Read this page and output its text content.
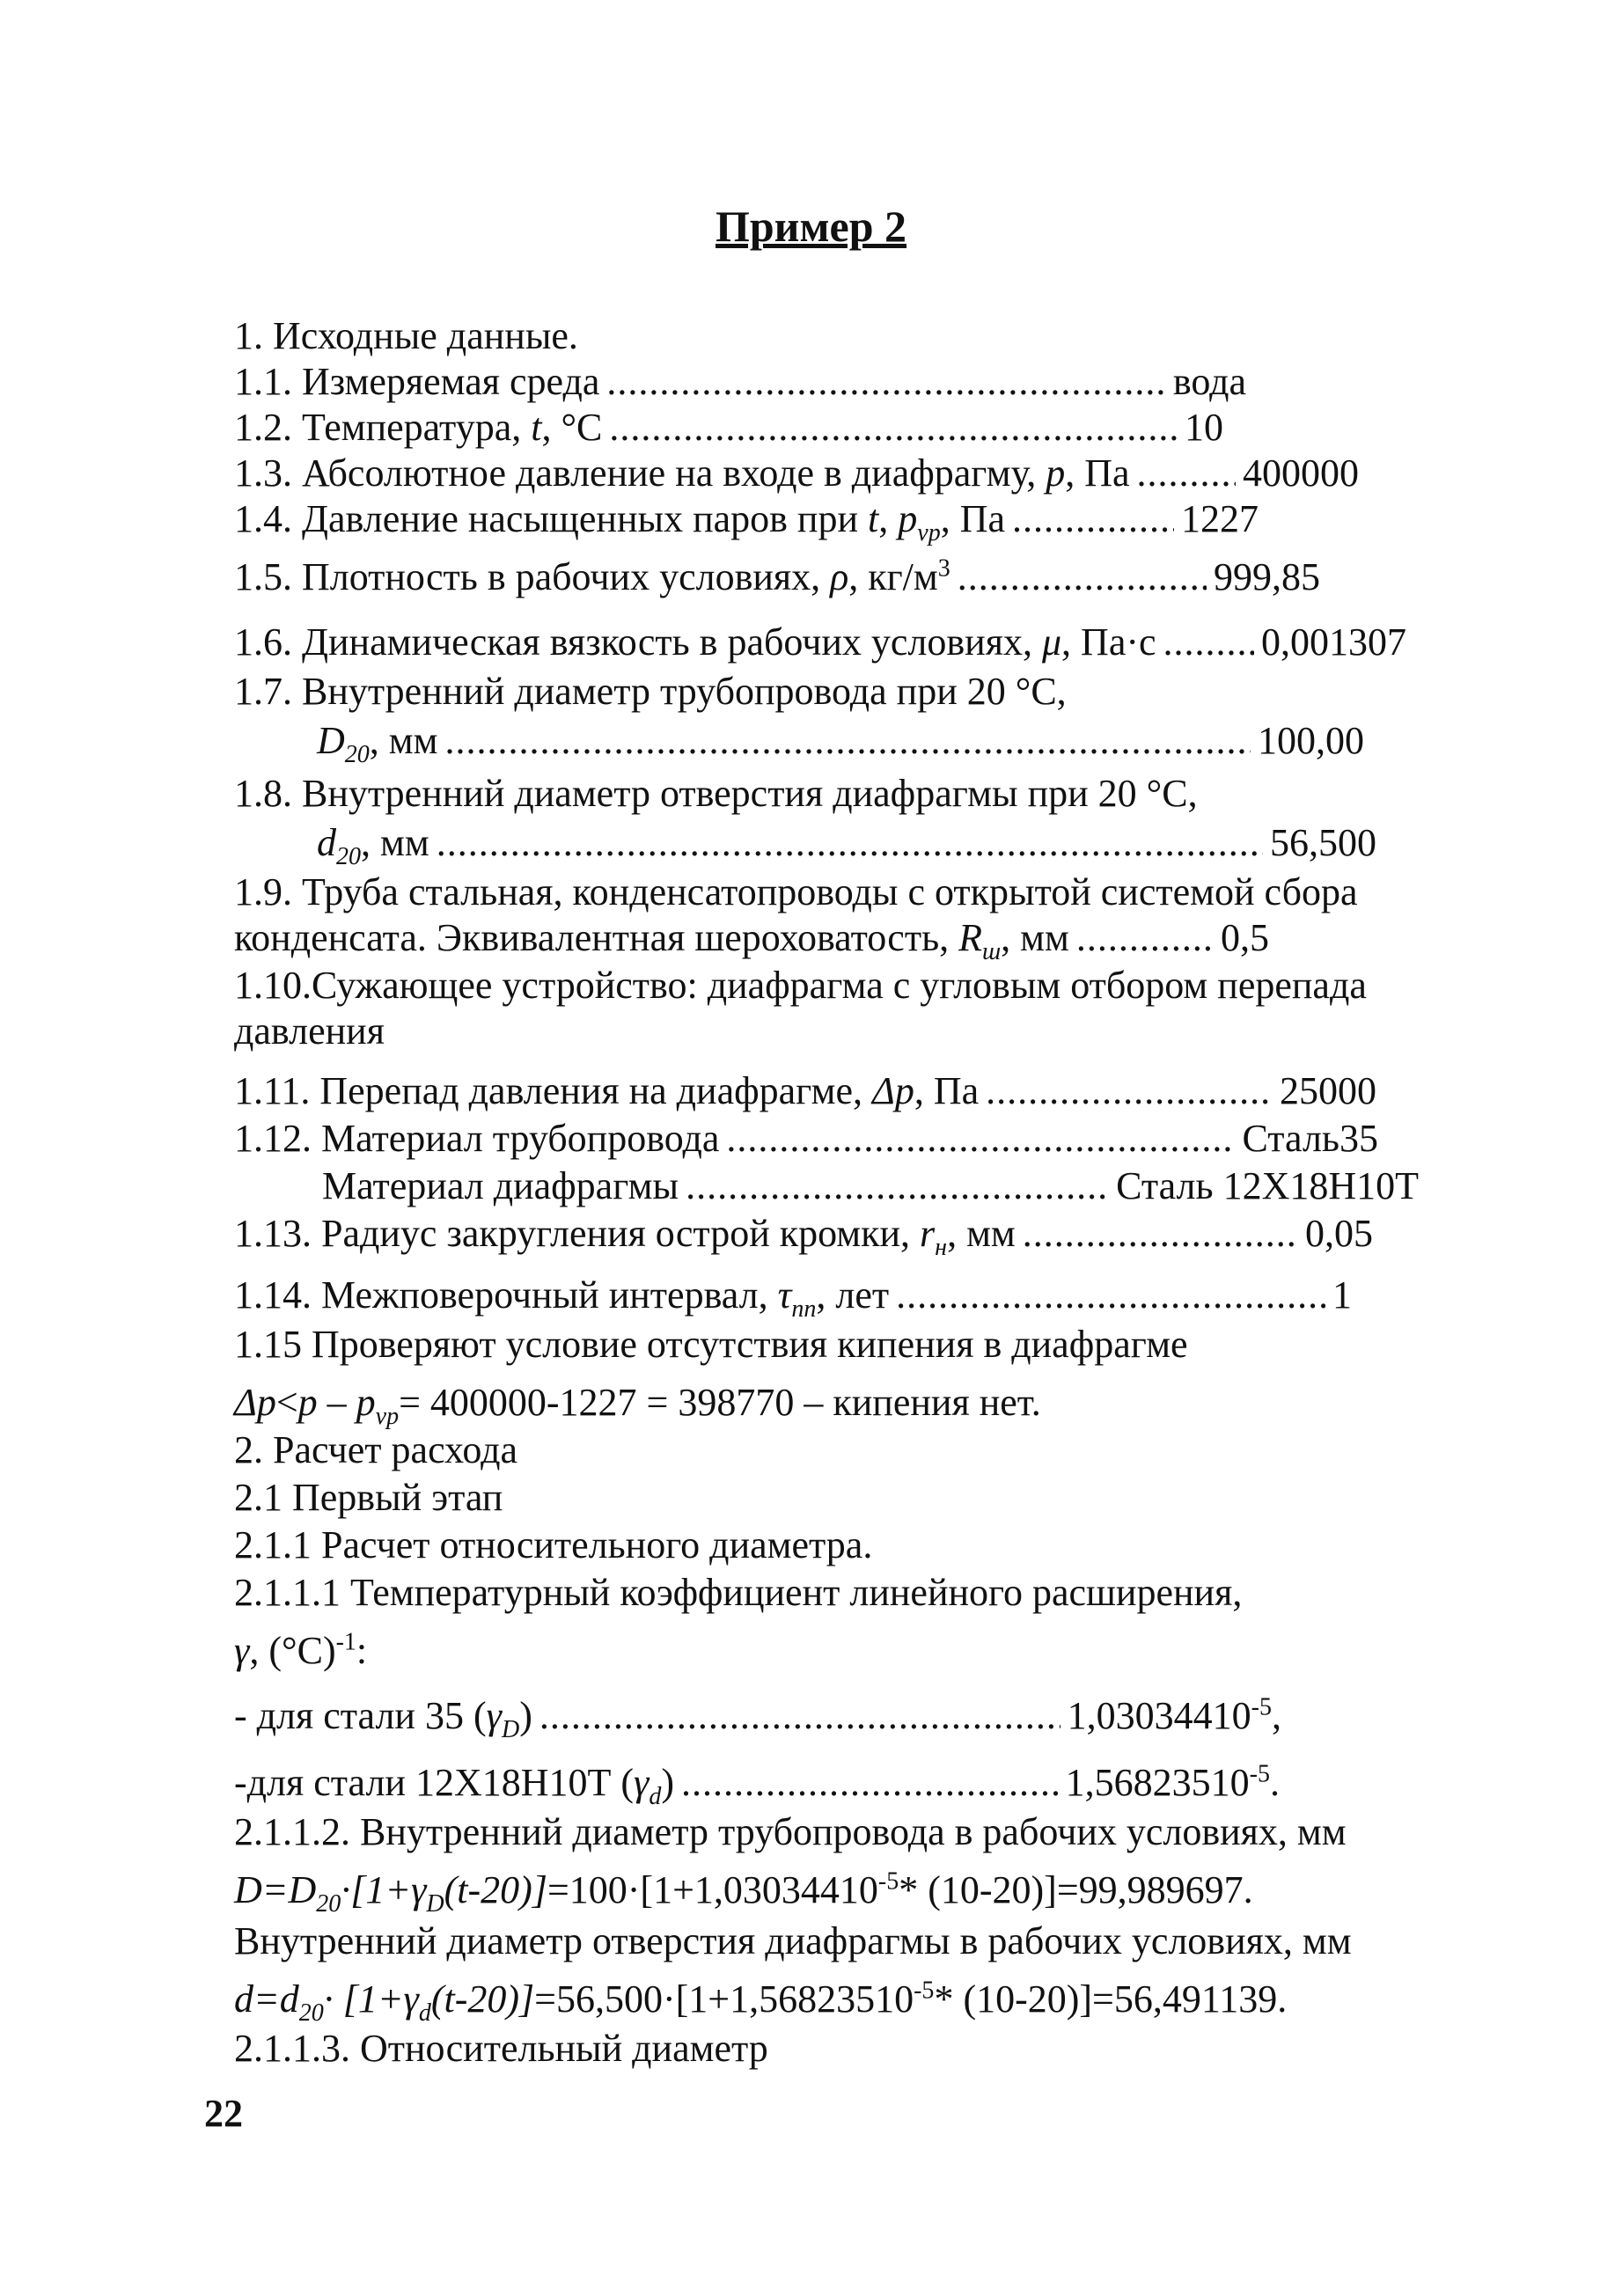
Пример 2
1. Исходные данные.
1.1. Измеряемая среда .....	вода
1.2. Температура, t, °С .....	10
1.3. Абсолютное давление на входе в диафрагму, p, Па .....	400000
1.4. Давление насыщенных паров при t, $p_{vp}$, Па .....	1227
1.5. Плотность в рабочих условиях, ρ, $кг/м^3$ .....	999,85
1.6. Динамическая вязкость в рабочих условиях, μ, Па·с .....	0,001307
1.7. Внутренний диаметр трубопровода при 20 °С,
$D_{20}$, мм .....	100,00
1.8. Внутренний диаметр отверстия диафрагмы при 20 °С,
$d_{20}$, мм .....	56,500
1.9. Труба стальная, конденсатопроводы с открытой системой сбора
конденсата. Эквивалентная шероховатость, $R_ш$, мм .....	0,5
1.10.Сужающее устройство: диафрагма с угловым отбором перепада
давления
1.11. Перепад давления на диафрагме, Δp, Па .....	25000
1.12. Материал трубопровода .....	Сталь35
Материал диафрагмы .....	Сталь 12Х18Н10Т
1.13. Радиус закругления острой кромки, $r_н$, мм .....	0,05
1.14. Межповерочный интервал, $\tau_{пп}$, лет .....	1
1.15 Проверяют условие отсутствия кипения в диафрагме
$\Delta p<p - p_{vp}= 400000-1227 = 398770$ – кипения нет.
2. Расчет расхода
2.1 Первый этап
2.1.1 Расчет относительного диаметра.
2.1.1.1 Температурный коэффициент линейного расширения,
γ, $(^\circ С)^{-1}$:
- для стали 35 $(\gamma_D)$ .....	$1,03034410^{-5}$,
-для стали 12Х18Н10Т $(\gamma_d)$ .....	$1,56823510^{-5}$.
2.1.1.2. Внутренний диаметр трубопровода в рабочих условиях, мм
$D=D_{20}\cdot[1+\gamma_D(t-20)]=100\cdot[1+1,03034410^{-5}*$ (10-20)]=99,989697.
Внутренний диаметр отверстия диафрагмы в рабочих условиях, мм
$d=d_{20}\cdot [1+\gamma_d(t-20)]=56,500\cdot[1+1,56823510^{-5}*$ (10-20)]=56,491139.
2.1.1.3. Относительный диаметр
22
